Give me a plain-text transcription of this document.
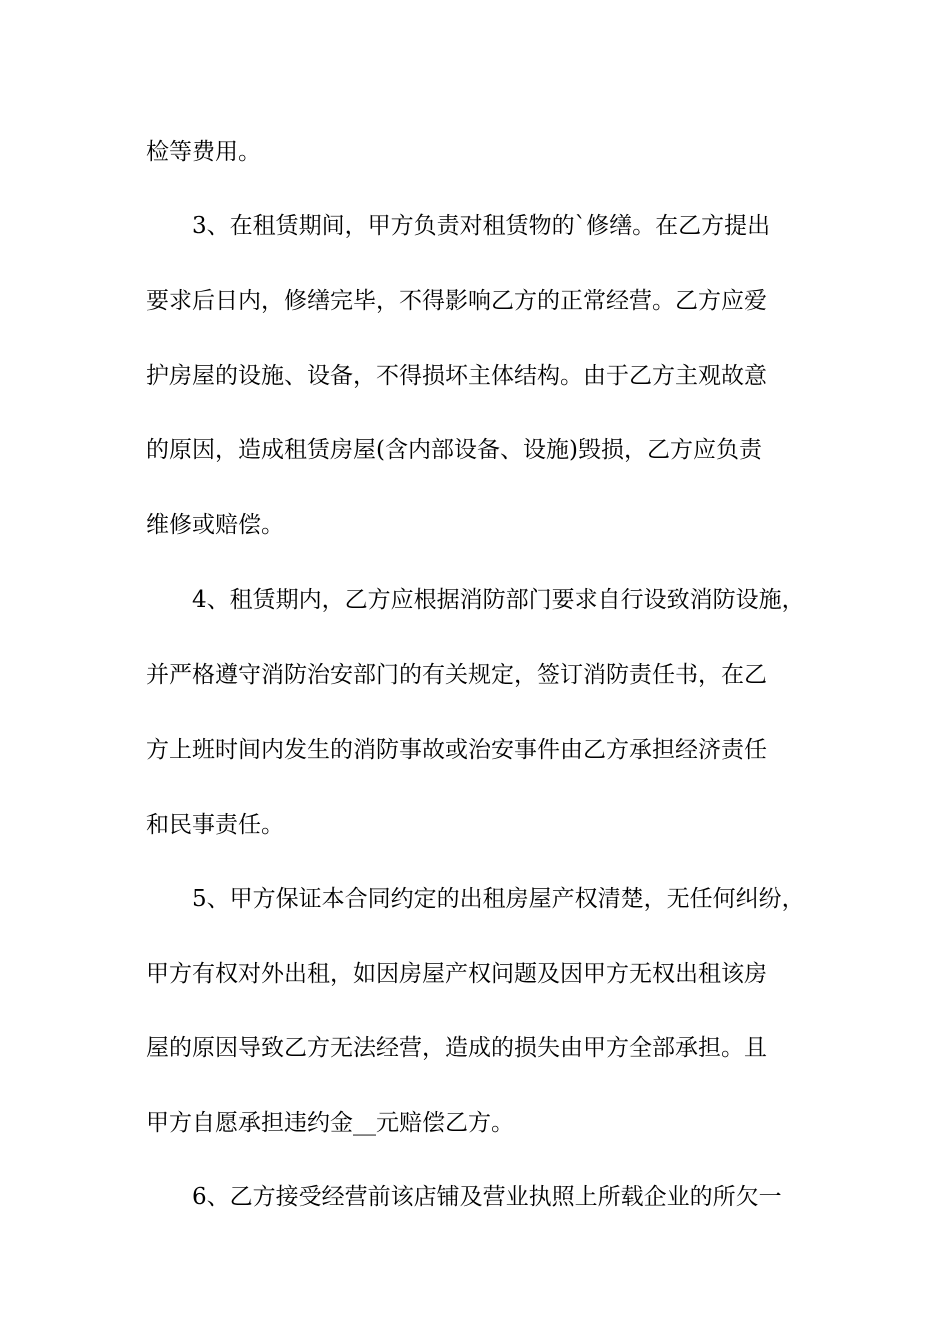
检等费用。
3、在租赁期间，甲方负责对租赁物的`修缮。在乙方提出
要求后日内，修缮完毕，不得影响乙方的正常经营。乙方应爱
护房屋的设施、设备，不得损坏主体结构。由于乙方主观故意
的原因，造成租赁房屋(含内部设备、设施)毁损，乙方应负责
维修或赔偿。
4、租赁期内，乙方应根据消防部门要求自行设致消防设施，
并严格遵守消防治安部门的有关规定，签订消防责任书，在乙
方上班时间内发生的消防事故或治安事件由乙方承担经济责任
和民事责任。
5、甲方保证本合同约定的出租房屋产权清楚，无任何纠纷，
甲方有权对外出租，如因房屋产权问题及因甲方无权出租该房
屋的原因导致乙方无法经营，造成的损失由甲方全部承担。且
甲方自愿承担违约金__元赔偿乙方。
6、乙方接受经营前该店铺及营业执照上所载企业的所欠一
